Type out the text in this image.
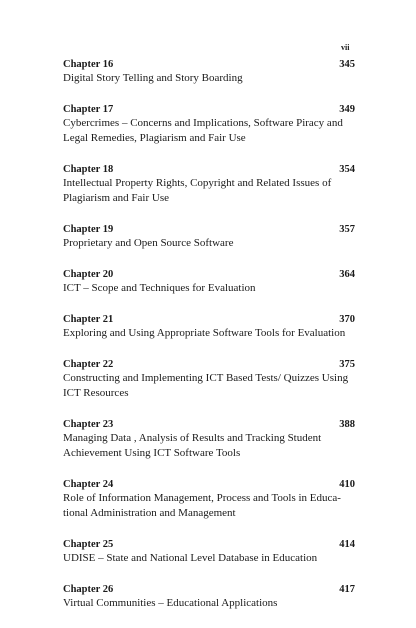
vii
Chapter 16	345
Digital Story Telling and Story Boarding
Chapter 17	349
Cybercrimes – Concerns and Implications, Software Piracy and Legal Remedies, Plagiarism and Fair Use
Chapter 18	354
Intellectual Property Rights, Copyright and Related Issues of Plagiarism and Fair Use
Chapter 19	357
Proprietary and Open Source Software
Chapter 20	364
ICT – Scope and Techniques for Evaluation
Chapter 21	370
Exploring and Using Appropriate Software Tools for Evaluation
Chapter 22	375
Constructing and Implementing ICT Based Tests/ Quizzes Using ICT Resources
Chapter 23	388
Managing Data , Analysis of Results and Tracking Student Achievement Using ICT Software Tools
Chapter 24	410
Role of Information Management, Process and Tools in Educa-tional Administration and Management
Chapter 25	414
UDISE – State and National Level Database in Education
Chapter 26	417
Virtual Communities – Educational Applications
